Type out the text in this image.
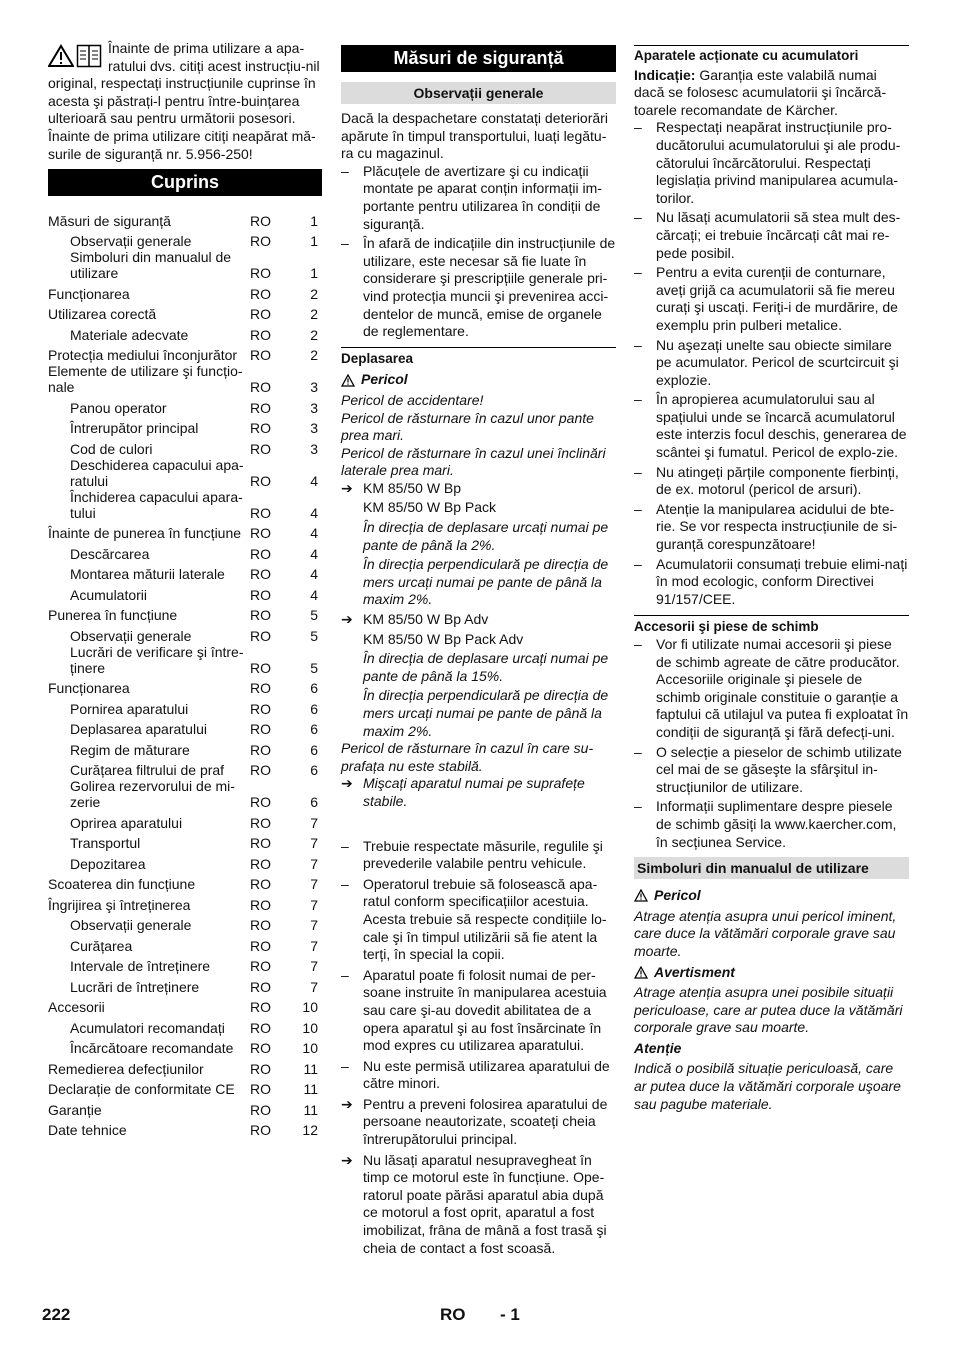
Înainte de prima utilizare a apa-ratului dvs. citiți acest instrucțiu-nil original, respectați instrucțiunile cuprinse în acesta şi păstrați-l pentru între-buințarea ulterioară sau pentru următorii posesori.

Înainte de prima utilizare citiți neapărat mă-surile de siguranță nr. 5.956-250!

Cuprins
Măsuri de siguranță	RO	1
Observații generale	RO	1
Simboluri din manualul de utilizare	RO	1
Funcționarea	RO	2
Utilizarea corectă	RO	2
Materiale adecvate	RO	2
Protecția mediului înconjurător RO	2
Elemente de utilizare şi funcțio-nale	RO	3
Panou operator	RO	3
Întrerupător principal	RO	3
Cod de culori	RO	3
Deschiderea capacului apa-ratului	RO	4
Închiderea capacului apara-tului	RO	4
Înainte de punerea în funcțiune RO	4
Descărcarea	RO	4
Montarea măturii laterale	RO	4
Acumulatorii	RO	4
Punerea în funcțiune	RO	5
Observații generale	RO	5
Lucrări de verificare şi între-ținere	RO	5
Funcționarea	RO	6
Pornirea aparatului	RO	6
Deplasarea aparatului	RO	6
Regim de măturare	RO	6
Curățarea filtrului de praf	RO	6
Golirea rezervorului de mi-zerie	RO	6
Oprirea aparatului	RO	7
Transportul	RO	7
Depozitarea	RO	7
Scoaterea din funcțiune	RO	7
Îngrijirea şi întreținerea	RO	7
Observații generale	RO	7
Curățarea	RO	7
Intervale de întreținere	RO	7
Lucrări de întreținere	RO	7
Accesorii	RO	10
Acumulatori recomandați	RO	10
Încărcătoare recomandate	RO	10
Remedierea defecțiunilor	RO	11
Declarație de conformitate CE	RO	11
Garanție	RO	11
Date tehnice	RO	12
Măsuri de siguranță
Observații generale

Dacă la despachetare constatați deteriorări apărute în timpul transportului, luați legătu-ra cu magazinul.

–	Plăcuțele de avertizare şi cu indicații montate pe aparat conțin informații im-portante pentru utilizarea în condiții de siguranță.
–	În afară de indicațiile din instrucțiunile de utilizare, este necesar să fie luate în considerare şi prescripțiile generale pri-vind protecția muncii şi prevenirea acci-dentelor de muncă, emise de organele de reglementare.

Deplasarea

Pericol

Pericol de accidentare!

Pericol de răsturnare în cazul unor pante prea mari.

Pericol de răsturnare în cazul unei înclinări laterale prea mari.

➔ KM 85/50 W Bp

KM 85/50 W Bp Pack

În direcția de deplasare urcați numai pe pante de până la 2%.

În direcția perpendiculară pe direcția de mers urcați numai pe pante de până la maxim 2%.

➔ KM 85/50 W Bp Adv

KM 85/50 W Bp Pack Adv

În direcția de deplasare urcați numai pe pante de până la 15%.

În direcția perpendiculară pe direcția de mers urcați numai pe pante de până la maxim 2%.

Pericol de răsturnare în cazul în care su-prafața nu este stabilă.

➔ Mişcați aparatul numai pe suprafețe stabile.
–	Trebuie respectate măsurile, regulile şi prevederile valabile pentru vehicule.
–	Operatorul trebuie să folosească apa-ratul conform specificațiilor acestuia. Acesta trebuie să respecte condițiile lo-cale şi în timpul utilizării să fie atent la terți, în special la copii.
–	Aparatul poate fi folosit numai de per-soane instruite în manipularea acestuia sau care şi-au dovedit abilitatea de a opera aparatul şi au fost însărcinate în mod expres cu utilizarea aparatului.
–	Nu este permisă utilizarea aparatului de către minori.
➔ Pentru a preveni folosirea aparatului de persoane neautorizate, scoateți cheia întrerupătorului principal.
➔ Nu lăsați aparatul nesupravegheat în timp ce motorul este în funcțiune. Ope-ratorul poate părăsi aparatul abia după ce motorul a fost oprit, aparatul a fost imobilizat, frâna de mână a fost trasă şi cheia de contact a fost scoasă.

Aparatele acționate cu acumulatori

Indicație: Garanția este valabilă numai dacă se folosesc acumulatorii şi încărcă-toarele recomandate de Kärcher.

–	Respectați neapărat instrucțiunile pro-ducătorului acumulatorului şi ale produ-cătorului încărcătorului. Respectați legislația privind manipularea acumula-torilor.
–	Nu lăsați acumulatorii să stea mult des-cărcați; ei trebuie încărcați cât mai re-pede posibil.
–	Pentru a evita curenții de conturnare, aveți grijă ca acumulatorii să fie mereu curați şi uscați. Feriți-i de murdărire, de exemplu prin pulberi metalice.
–	Nu aşezați unelte sau obiecte similare pe acumulator. Pericol de scurtcircuit şi explozie.
–	În apropierea acumulatorului sau al spațiului unde se încarcă acumulatorul este interzis focul deschis, generarea de scântei şi fumatul. Pericol de explo-zie.
–	Nu atingeți părțile componente fierbinți, de ex. motorul (pericol de arsuri).
–	Atenție la manipularea acidului de bte-rie. Se vor respecta instrucțiunile de si-guranță corespunzătoare!
–	Acumulatorii consumați trebuie elimi-nați în mod ecologic, conform Directivei 91/157/CEE.

Accesorii şi piese de schimb

–	Vor fi utilizate numai accesorii şi piese de schimb agreate de către producător. Accesoriile originale şi piesele de schimb originale constituie o garanție a faptului că utilajul va putea fi exploatat în condiții de siguranță şi fără defecți-uni.
–	O selecție a pieselor de schimb utilizate cel mai de se găseşte la sfârşitul in-strucțiunilor de utilizare.
–	Informații suplimentare despre piesele de schimb găsiți la www.kaercher.com, în secțiunea Service.
Simboluri din manualul de utilizare
Pericol

Atrage atenția asupra unui pericol iminent, care duce la vătămări corporale grave sau moarte.

Avertisment

Atrage atenția asupra unei posibile situații periculoase, care ar putea duce la vătămări corporale grave sau moarte.

Atenție

Indică o posibilă situație periculoasă, care ar putea duce la vătămări corporale uşoare sau pagube materiale.

222	RO - 1
